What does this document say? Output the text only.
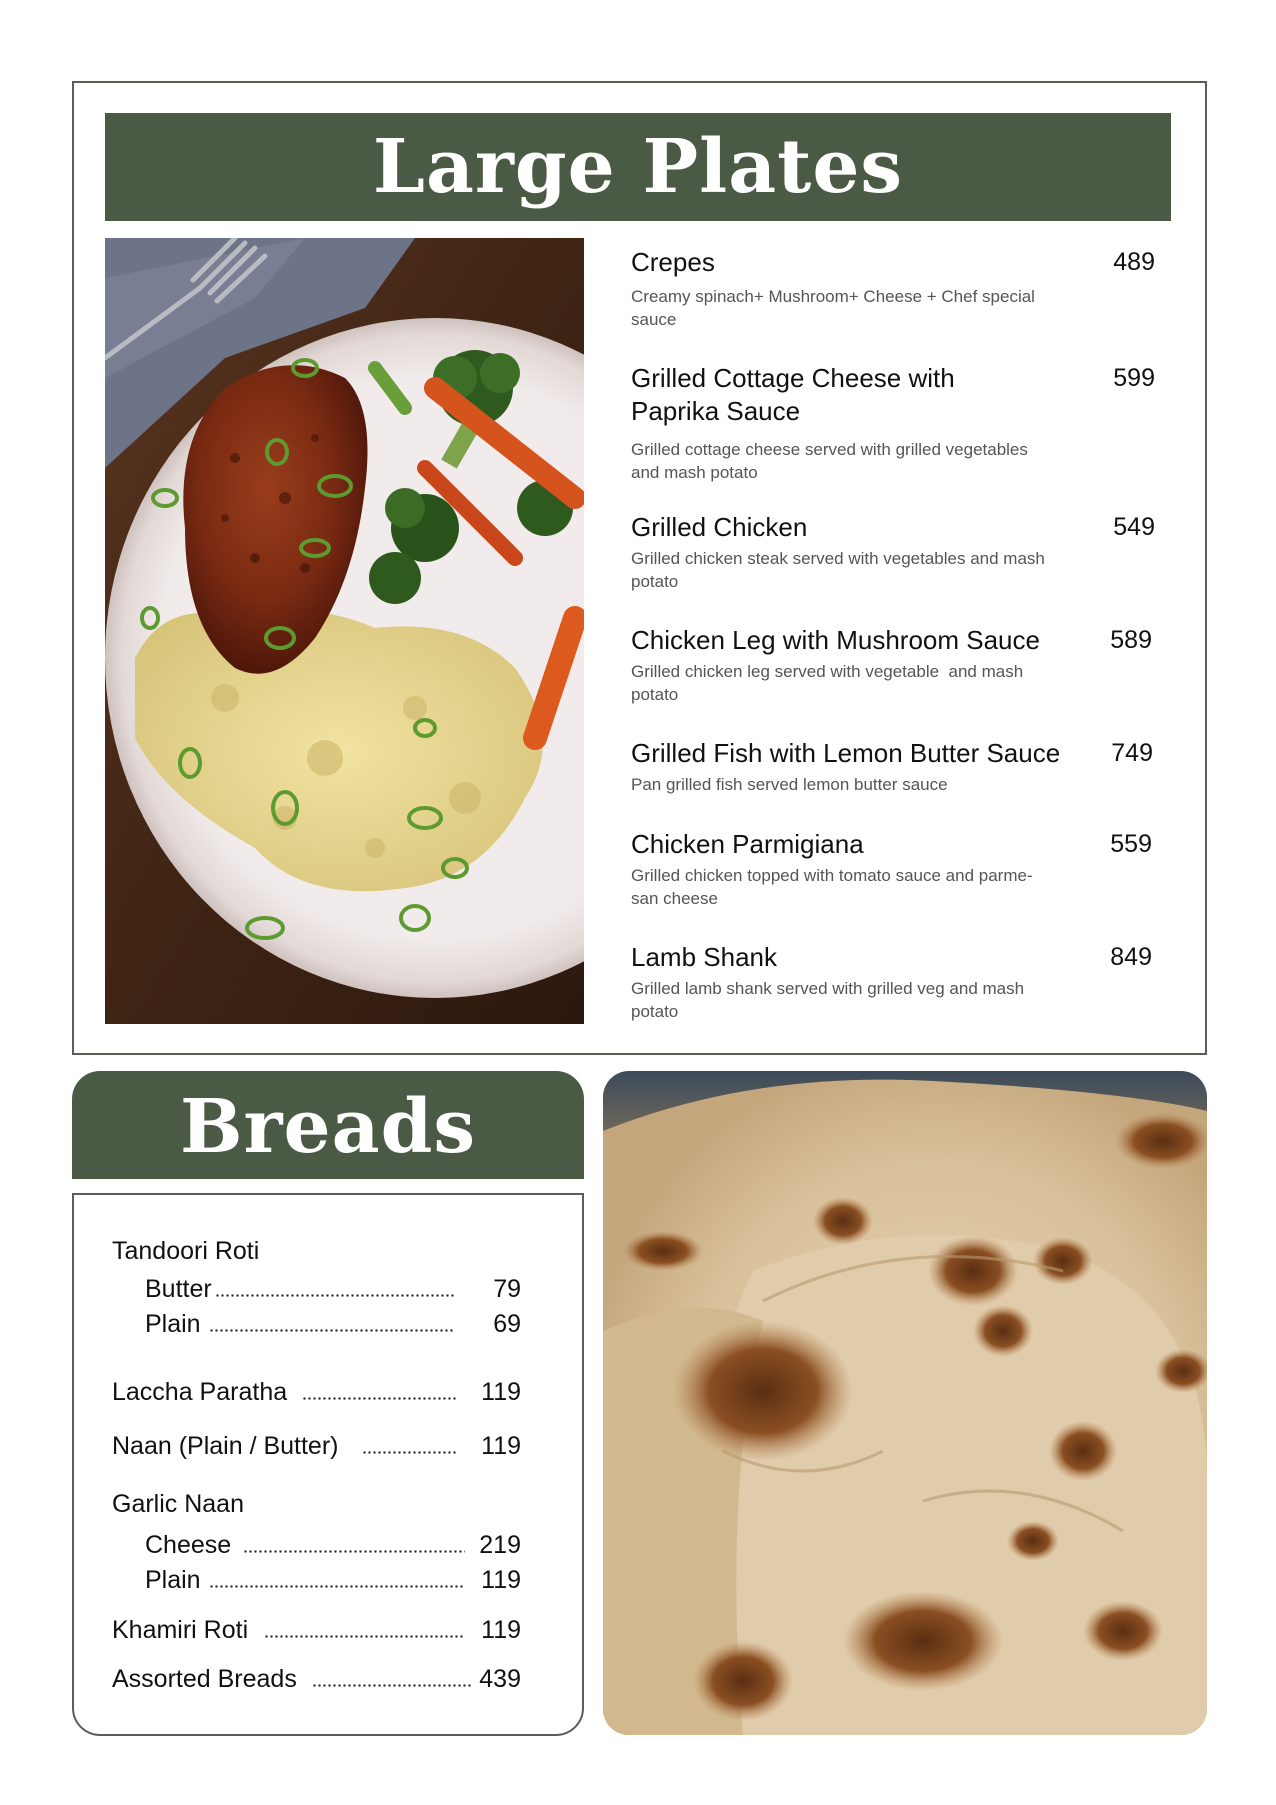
Large Plates
Crepes	489
Creamy spinach+ Mushroom+ Cheese + Chef special
sauce
Grilled Cottage Cheese with
Paprika Sauce
599
Grilled cottage cheese served with grilled vegetables
and mash potato
Grilled Chicken	549
Grilled chicken steak served with vegetables and mash
potato
Chicken Leg with Mushroom Sauce	589
Grilled chicken leg served with vegetable  and mash
potato
Grilled Fish with Lemon Butter Sauce	749
Pan grilled fish served lemon butter sauce
Chicken Parmigiana	559
Grilled chicken topped with tomato sauce and parme-
san cheese
Lamb Shank	849
Grilled lamb shank served with grilled veg and mash
potato
Breads
Tandoori Roti
Butter	79
Plain	69
Laccha Paratha	119
Naan (Plain / Butter)	119
Garlic Naan
Cheese	219
Plain	119
Khamiri Roti	119
Assorted Breads	439
